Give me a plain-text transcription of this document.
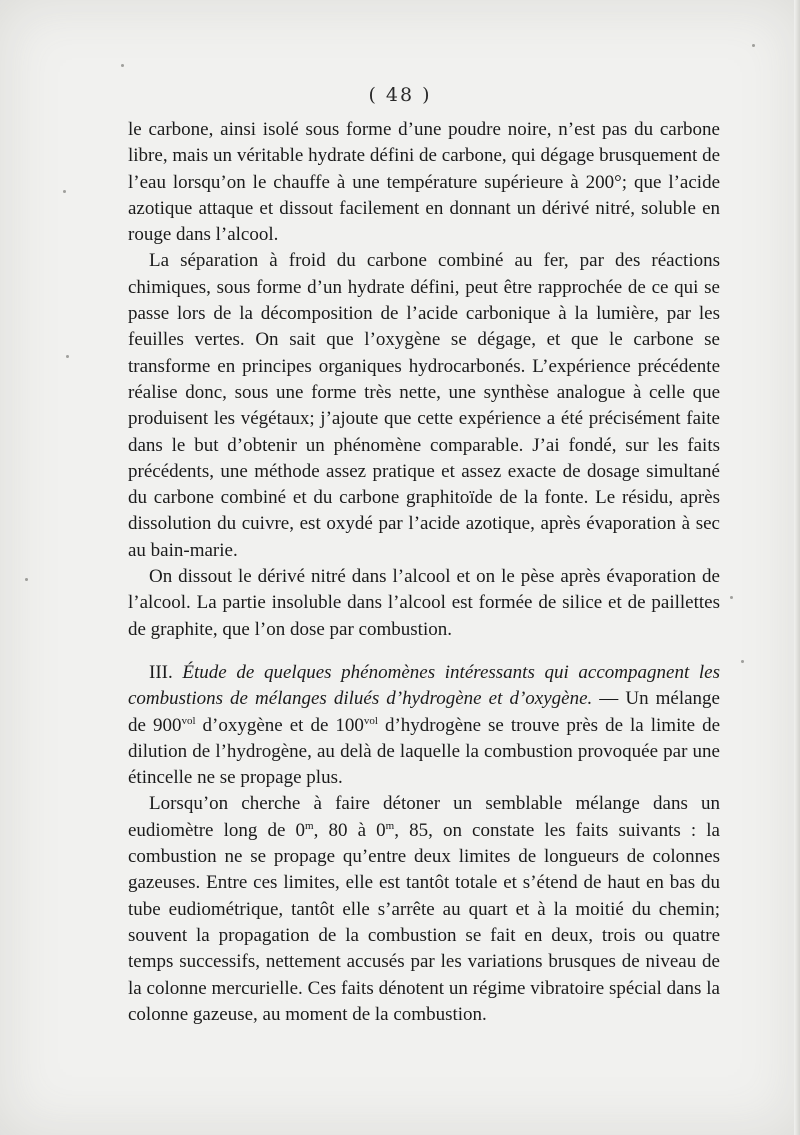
( 48 )

le carbone, ainsi isolé sous forme d’une poudre noire, n’est pas du carbone libre, mais un véritable hydrate défini de carbone, qui dégage brusquement de l’eau lorsqu’on le chauffe à une température supérieure à 200°; que l’acide azotique attaque et dissout facilement en donnant un dérivé nitré, soluble en rouge dans l’alcool.

La séparation à froid du carbone combiné au fer, par des réactions chimiques, sous forme d’un hydrate défini, peut être rapprochée de ce qui se passe lors de la décomposition de l’acide carbonique à la lumière, par les feuilles vertes. On sait que l’oxygène se dégage, et que le carbone se transforme en principes organiques hydrocarbonés. L’expérience précédente réalise donc, sous une forme très nette, une synthèse analogue à celle que produisent les végétaux; j’ajoute que cette expérience a été précisément faite dans le but d’obtenir un phénomène comparable. J’ai fondé, sur les faits précédents, une méthode assez pratique et assez exacte de dosage simultané du carbone combiné et du carbone graphitoïde de la fonte. Le résidu, après dissolution du cuivre, est oxydé par l’acide azotique, après évaporation à sec au bain-marie.

On dissout le dérivé nitré dans l’alcool et on le pèse après évaporation de l’alcool. La partie insoluble dans l’alcool est formée de silice et de paillettes de graphite, que l’on dose par combustion.

III. Étude de quelques phénomènes intéressants qui accompagnent les combustions de mélanges dilués d’hydrogène et d’oxygène. — Un mélange de $900^{vol}$ d’oxygène et de $100^{vol}$ d’hydrogène se trouve près de la limite de dilution de l’hydrogène, au delà de laquelle la combustion provoquée par une étincelle ne se propage plus.

Lorsqu’on cherche à faire détoner un semblable mélange dans un eudiomètre long de 0$^m$, 80 à 0$^m$, 85, on constate les faits suivants : la combustion ne se propage qu’entre deux limites de longueurs de colonnes gazeuses. Entre ces limites, elle est tantôt totale et s’étend de haut en bas du tube eudiométrique, tantôt elle s’arrête au quart et à la moitié du chemin; souvent la propagation de la combustion se fait en deux, trois ou quatre temps successifs, nettement accusés par les variations brusques de niveau de la colonne mercurielle. Ces faits dénotent un régime vibratoire spécial dans la colonne gazeuse, au moment de la combustion.
